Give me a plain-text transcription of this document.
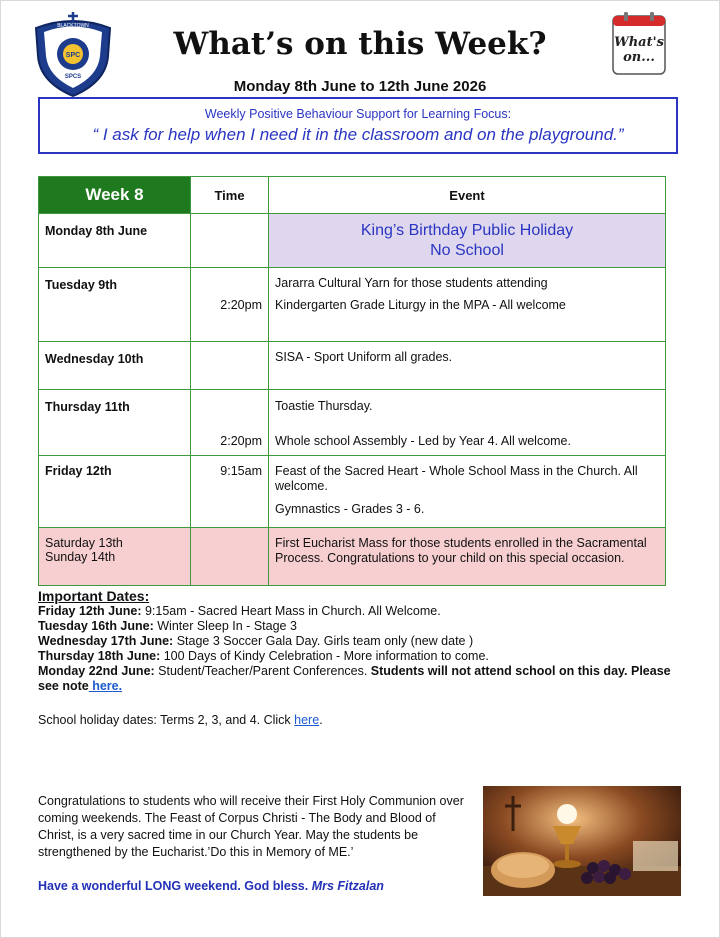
SPC
BLACKTOWN
SPCS
What’s on this Week?
Monday 8th June to 12th June 2026
What's
on...
Weekly Positive Behaviour Support for Learning Focus:
“ I ask for help when I need it in the classroom and on the playground.”
Week 8	Time	Event
Monday 8th June		King’s Birthday Public Holiday
No School

Tuesday 9th	2:20pm	Jararra Cultural Yarn for those students attending
Kindergarten Grade Liturgy in the MPA - All welcome

Wednesday 10th		SISA - Sport Uniform all grades.
Thursday 11th	2:20pm	Toastie Thursday.
Whole school Assembly - Led by Year 4. All welcome.

Friday 12th	9:15am	Feast of the Sacred Heart - Whole School Mass in the Church. All welcome.
Gymnastics - Grades 3 - 6.

Saturday 13th
Sunday 14th		First Eucharist Mass for those students enrolled in the Sacramental Process. Congratulations to your child on this special occasion.
Important Dates:
Friday 12th June: 9:15am - Sacred Heart Mass in Church. All Welcome.
Tuesday 16th June: Winter Sleep In - Stage 3
Wednesday 17th June: Stage 3 Soccer Gala Day. Girls team only (new date )
Thursday 18th June: 100 Days of Kindy Celebration - More information to come.
Monday 22nd June: Student/Teacher/Parent Conferences. Students will not attend school on this day. Please see note here.
School holiday dates: Terms 2, 3, and 4. Click here.
Congratulations to students who will receive their First Holy Communion over coming weekends. The Feast of Corpus Christi - The Body and Blood of Christ, is a very sacred time in our Church Year. May the students be strengthened by the Eucharist.’Do this in Memory of ME.’
Have a wonderful LONG weekend. God bless. Mrs Fitzalan
